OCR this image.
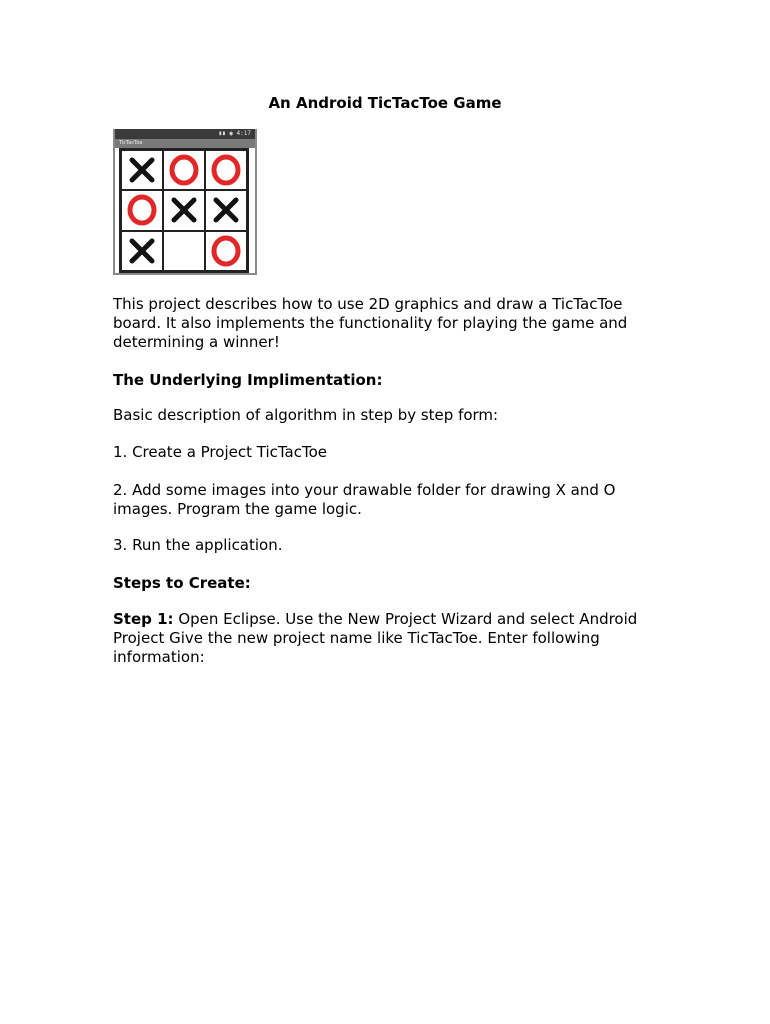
An Android TicTacToe Game
▮▮ ◉ 4:17
TicTacToe
This project describes how to use 2D graphics and draw a TicTacToe board. It also implements the functionality for playing the game and determining a winner!
The Underlying Implimentation:
Basic description of algorithm in step by step form:
1. Create a Project TicTacToe
2. Add some images into your drawable folder for drawing X and O images. Program the game logic.
3. Run the application.
Steps to Create:
Step 1: Open Eclipse. Use the New Project Wizard and select Android Project Give the new project name like TicTacToe. Enter following information:
